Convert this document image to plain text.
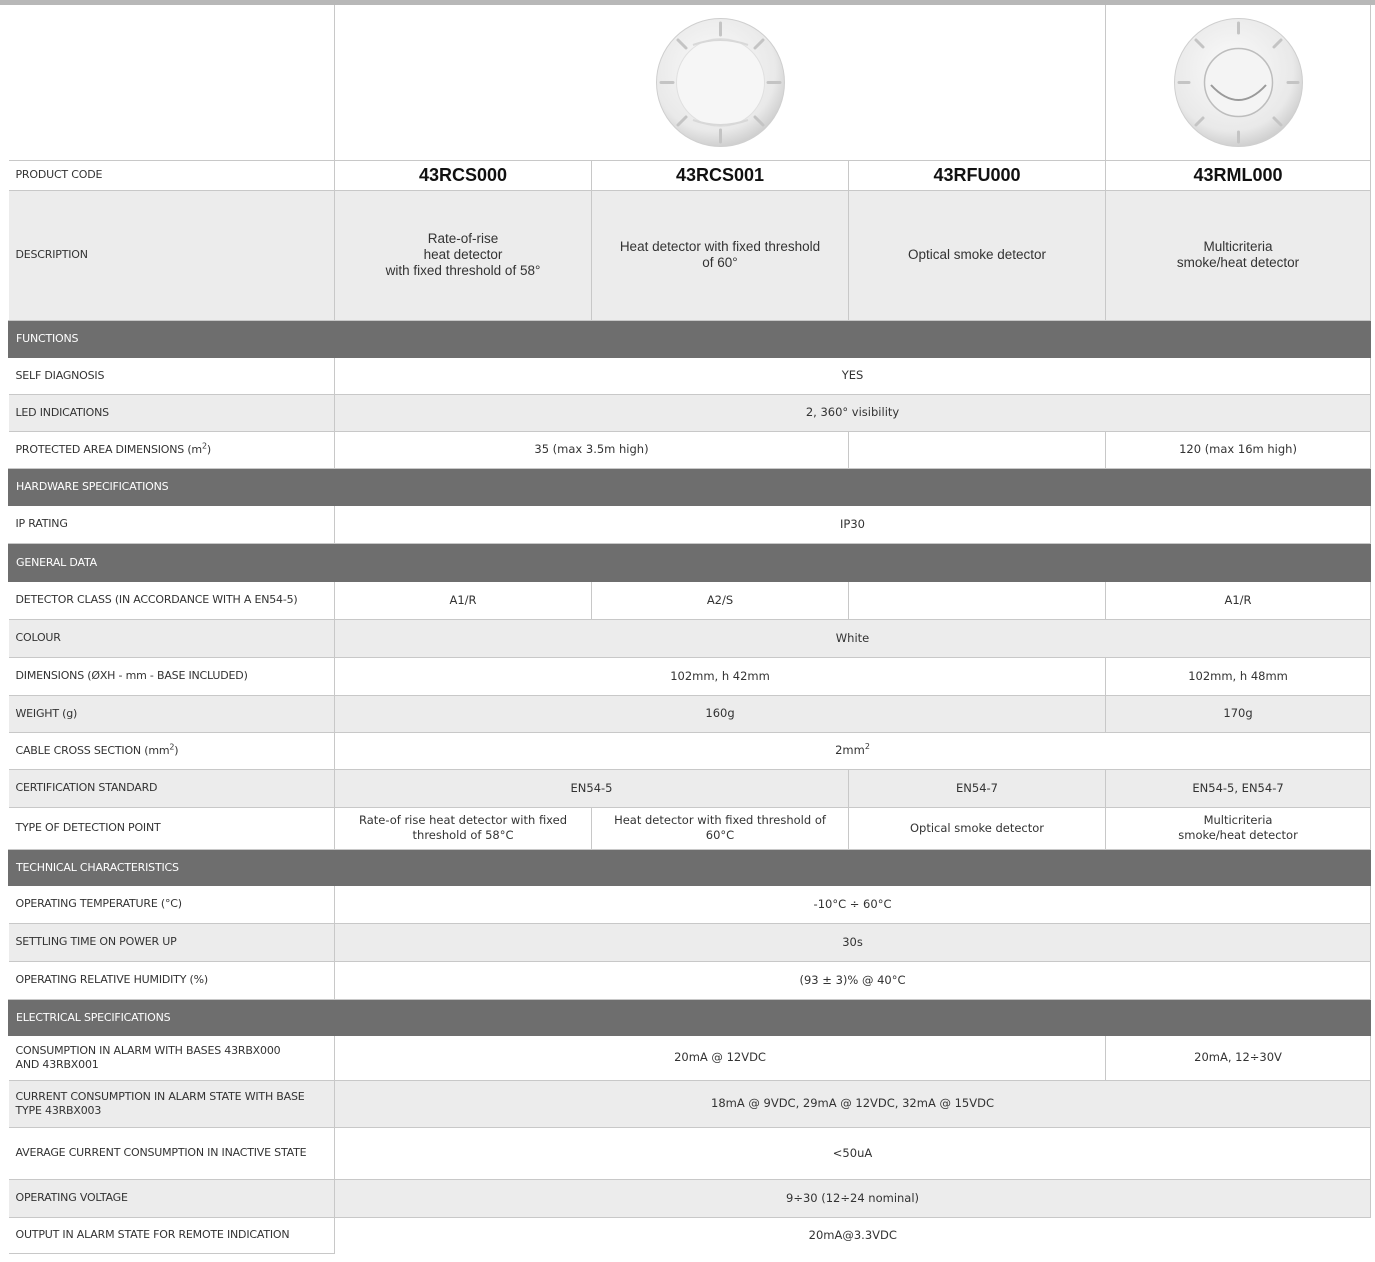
PRODUCT CODE	43RCS000	43RCS001	43RFU000	43RML000
DESCRIPTION	Rate-of-rise
heat detector
with fixed threshold of 58°	Heat detector with fixed threshold
of 60°	Optical smoke detector	Multicriteria
smoke/heat detector

FUNCTIONS				
SELF DIAGNOSIS	YES			
LED INDICATIONS	2, 360° visibility			
PROTECTED AREA DIMENSIONS $(m^2)$	35 (max 3.5m high)			120 (max 16m high)
HARDWARE SPECIFICATIONS				
IP RATING	IP30			
GENERAL DATA				
DETECTOR CLASS (IN ACCORDANCE WITH A EN54-5)	A1/R	A2/S		A1/R
COLOUR	White			
DIMENSIONS (ØXH - mm - BASE INCLUDED)	102mm, h 42mm			102mm, h 48mm
WEIGHT (g)	160g			170g
CABLE CROSS SECTION $(mm^2)$	$2mm^2$
CERTIFICATION STANDARD	EN54-5		EN54-7	EN54-5, EN54-7
TYPE OF DETECTION POINT	Rate-of rise heat detector with fixed
threshold of 58°C	Heat detector with fixed threshold of 60°C	Optical smoke detector	Multicriteria
smoke/heat detector

TECHNICAL CHARACTERISTICS				
OPERATING TEMPERATURE (°C)	-10°C ÷ 60°C			
SETTLING TIME ON POWER UP	30s			
OPERATING RELATIVE HUMIDITY (%)	(93 ± 3)% @ 40°C			
ELECTRICAL SPECIFICATIONS				

CONSUMPTION IN ALARM WITH BASES 43RBX000
AND 43RBX001	20mA @ 12VDC			20mA, 12÷30V

CURRENT CONSUMPTION IN ALARM STATE WITH BASE
TYPE 43RBX003	18mA @ 9VDC, 29mA @ 12VDC, 32mA @ 15VDC			
AVERAGE CURRENT CONSUMPTION IN INACTIVE STATE	<50uA			
OPERATING VOLTAGE	9÷30 (12÷24 nominal)			
OUTPUT IN ALARM STATE FOR REMOTE INDICATION	20mA@3.3VDC			
